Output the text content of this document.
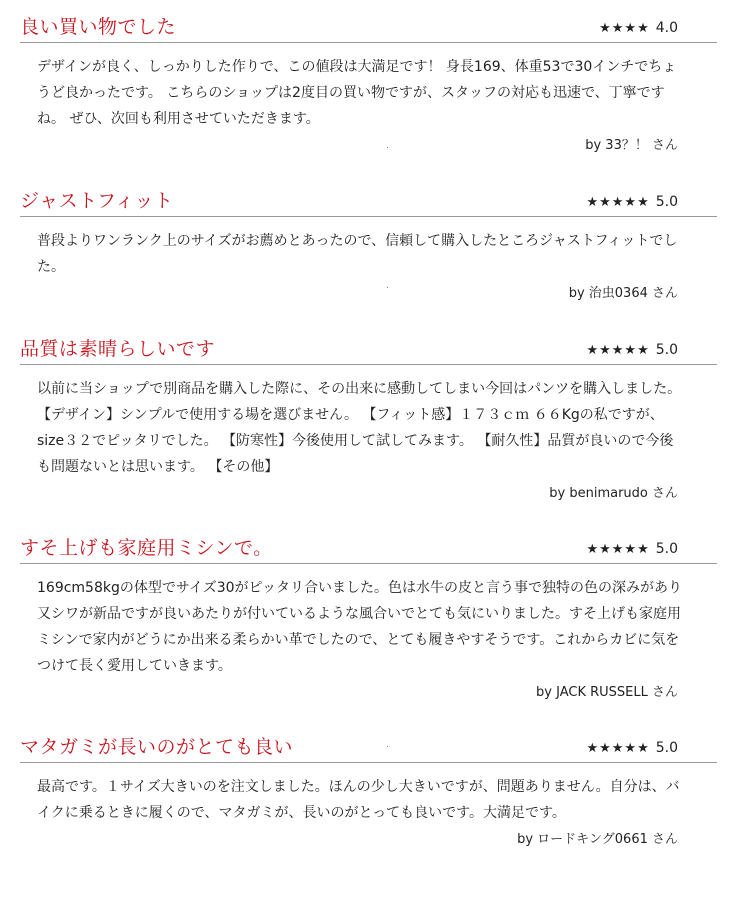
良い買い物でした	★★★★ 4.0

デザインが良く、しっかりした作りで、この値段は大満足です！ 身長169、体重53で30インチでちょうど良かったです。 こちらのショップは2度目の買い物ですが、スタッフの対応も迅速で、丁寧ですね。 ぜひ、次回も利用させていただきます。

by 33？！ さん
ジャストフィット	★★★★★ 5.0

普段よりワンランク上のサイズがお薦めとあったので、信頼して購入したところジャストフィットでした。

by 治虫0364 さん
品質は素晴らしいです	★★★★★ 5.0

以前に当ショップで別商品を購入した際に、その出来に感動してしまい今回はパンツを購入しました。 【デザイン】シンプルで使用する場を選びません。 【フィット感】１７３ｃｍ ６６Kgの私ですが、size３２でピッタリでした。 【防寒性】今後使用して試してみます。 【耐久性】品質が良いので今後も問題ないとは思います。 【その他】

by benimarudo さん
すそ上げも家庭用ミシンで。	★★★★★ 5.0

169cm58kgの体型でサイズ30がピッタリ合いました。色は水牛の皮と言う事で独特の色の深みがあり又シワが新品ですが良いあたりが付いているような風合いでとても気にいりました。すそ上げも家庭用ミシンで家内がどうにか出来る柔らかい革でしたので、とても履きやすそうです。これからカビに気をつけて長く愛用していきます。

by JACK RUSSELL さん
マタガミが長いのがとても良い	★★★★★ 5.0

最高です。１サイズ大きいのを注文しました。ほんの少し大きいですが、問題ありません。自分は、バイクに乗るときに履くので、マタガミが、長いのがとっても良いです。大満足です。

by ロードキング0661 さん
